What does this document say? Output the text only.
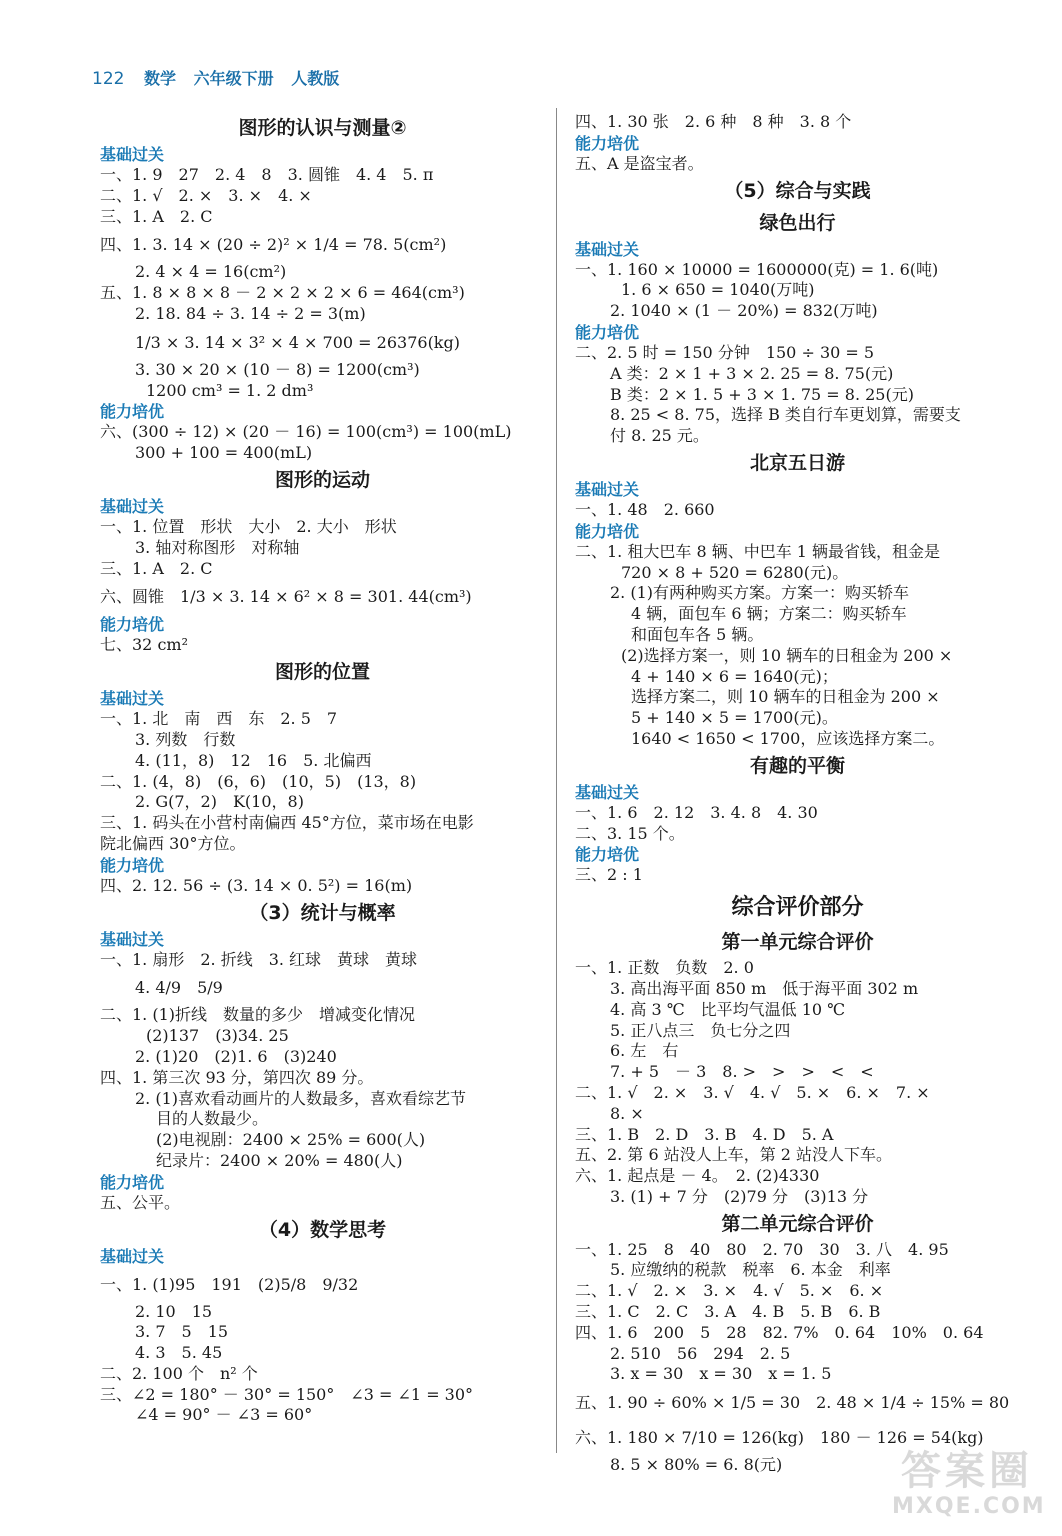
122 数学 六年级下册 人教版
图形的认识与测量②
基础过关
一、1. 9　27　2. 4　8　3. 圆锥　4. 4　5. π
二、1. √　2. ×　3. ×　4. ×
三、1. A　2. C
四、1. 3. 14 × (20 ÷ 2)² × 1/4 = 78. 5(cm²)
2. 4 × 4 = 16(cm²)
五、1. 8 × 8 × 8 － 2 × 2 × 2 × 6 = 464(cm³)
2. 18. 84 ÷ 3. 14 ÷ 2 = 3(m)
1/3 × 3. 14 × 3² × 4 × 700 = 26376(kg)
3. 30 × 20 × (10 － 8) = 1200(cm³)
1200 cm³ = 1. 2 dm³
能力培优
六、(300 ÷ 12) × (20 － 16) = 100(cm³) = 100(mL)
300 + 100 = 400(mL)
图形的运动
基础过关
一、1. 位置　形状　大小　2. 大小　形状
3. 轴对称图形　对称轴
三、1. A　2. C
六、圆锥　1/3 × 3. 14 × 6² × 8 = 301. 44(cm³)
能力培优
七、32 cm²
图形的位置
基础过关
一、1. 北　南　西　东　2. 5　7
3. 列数　行数
4. (11，8)　12　16　5. 北偏西
二、1. (4，8)　(6，6)　(10，5)　(13，8)
2. G(7，2)　K(10，8)
三、1. 码头在小营村南偏西 45°方位，菜市场在电影
院北偏西 30°方位。
能力培优
四、2. 12. 56 ÷ (3. 14 × 0. 5²) = 16(m)
（3）统计与概率
基础过关
一、1. 扇形　2. 折线　3. 红球　黄球　黄球
4. 4/9　5/9
二、1. (1)折线　数量的多少　增减变化情况
(2)137　(3)34. 25
2. (1)20　(2)1. 6　(3)240
四、1. 第三次 93 分，第四次 89 分。
2. (1)喜欢看动画片的人数最多，喜欢看综艺节
目的人数最少。
(2)电视剧：2400 × 25% = 600(人)
纪录片：2400 × 20% = 480(人)
能力培优
五、公平。
（4）数学思考
基础过关
一、1. (1)95　191　(2)5/8　9/32
2. 10　15
3. 7　5　15
4. 3　5. 45
二、2. 100 个　n² 个
三、∠2 = 180° － 30° = 150°　∠3 = ∠1 = 30°
∠4 = 90° － ∠3 = 60°
四、1. 30 张　2. 6 种　8 种　3. 8 个
能力培优
五、A 是盗宝者。
（5）综合与实践
绿色出行
基础过关
一、1. 160 × 10000 = 1600000(克) = 1. 6(吨)
1. 6 × 650 = 1040(万吨)
2. 1040 × (1 － 20%) = 832(万吨)
能力培优
二、2. 5 时 = 150 分钟　150 ÷ 30 = 5
A 类：2 × 1 + 3 × 2. 25 = 8. 75(元)
B 类：2 × 1. 5 + 3 × 1. 75 = 8. 25(元)
8. 25 < 8. 75，选择 B 类自行车更划算，需要支
付 8. 25 元。
北京五日游
基础过关
一、1. 48　2. 660
能力培优
二、1. 租大巴车 8 辆、中巴车 1 辆最省钱，租金是
720 × 8 + 520 = 6280(元)。
2. (1)有两种购买方案。方案一：购买轿车
4 辆，面包车 6 辆；方案二：购买轿车
和面包车各 5 辆。
(2)选择方案一，则 10 辆车的日租金为 200 ×
4 + 140 × 6 = 1640(元)；
选择方案二，则 10 辆车的日租金为 200 ×
5 + 140 × 5 = 1700(元)。
1640 < 1650 < 1700，应该选择方案二。
有趣的平衡
基础过关
一、1. 6　2. 12　3. 4. 8　4. 30
二、3. 15 个。
能力培优
三、2 : 1
综合评价部分
第一单元综合评价
一、1. 正数　负数　2. 0
3. 高出海平面 850 m　低于海平面 302 m
4. 高 3 ℃　比平均气温低 10 ℃
5. 正八点三　负七分之四
6. 左　右
7. + 5　－ 3　8. >　>　>　<　<
二、1. √　2. ×　3. √　4. √　5. ×　6. ×　7. ×
8. ×
三、1. B　2. D　3. B　4. D　5. A
五、2. 第 6 站没人上车，第 2 站没人下车。
六、1. 起点是 － 4。　2. (2)4330
3. (1) + 7 分　(2)79 分　(3)13 分
第二单元综合评价
一、1. 25　8　40　80　2. 70　30　3. 八　4. 95
5. 应缴纳的税款　税率　6. 本金　利率
二、1. √　2. ×　3. ×　4. √　5. ×　6. ×
三、1. C　2. C　3. A　4. B　5. B　6. B
四、1. 6　200　5　28　82. 7%　0. 64　10%　0. 64
2. 510　56　294　2. 5
3. x = 30　x = 30　x = 1. 5
五、1. 90 ÷ 60% × 1/5 = 30　2. 48 × 1/4 ÷ 15% = 80
六、1. 180 × 7/10 = 126(kg)　180 － 126 = 54(kg)
8. 5 × 80% = 6. 8(元)	答案圈
MXQE.COM
